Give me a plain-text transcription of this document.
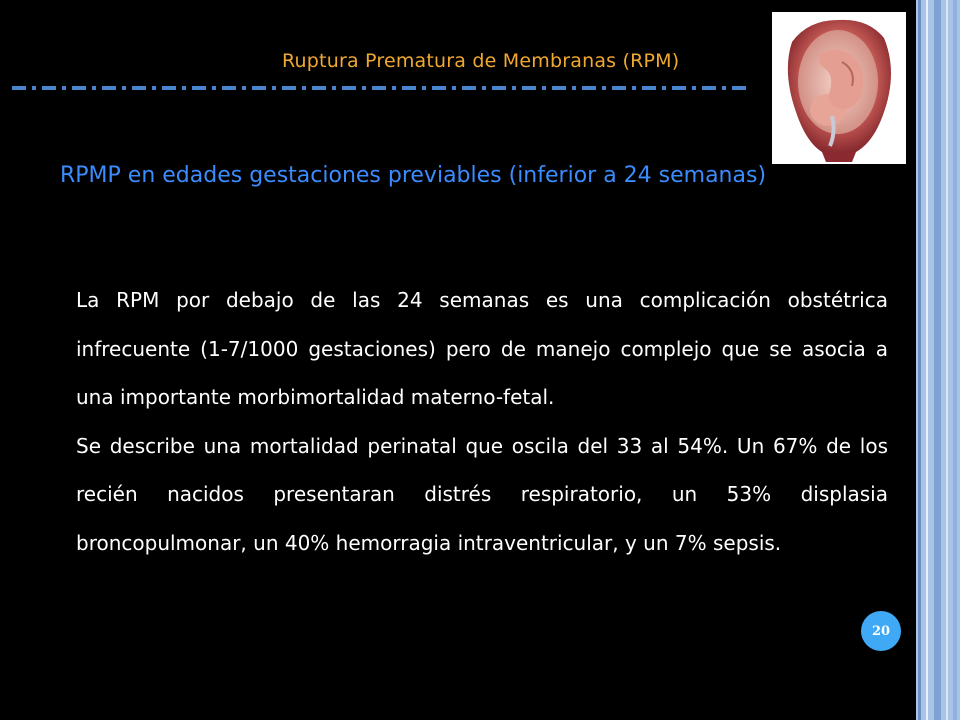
Ruptura Prematura de Membranas (RPM)
RPMP en edades gestaciones previables (inferior a 24 semanas)

La RPM por debajo de las 24 semanas es una complicación obstétrica infrecuente (1-7/1000 gestaciones) pero de manejo complejo que se asocia a una importante morbimortalidad materno-fetal.

Se describe una mortalidad perinatal que oscila del 33 al 54%. Un 67% de los recién nacidos presentaran distrés respiratorio, un 53% displasia broncopulmonar, un 40% hemorragia intraventricular, y un 7% sepsis.

20
